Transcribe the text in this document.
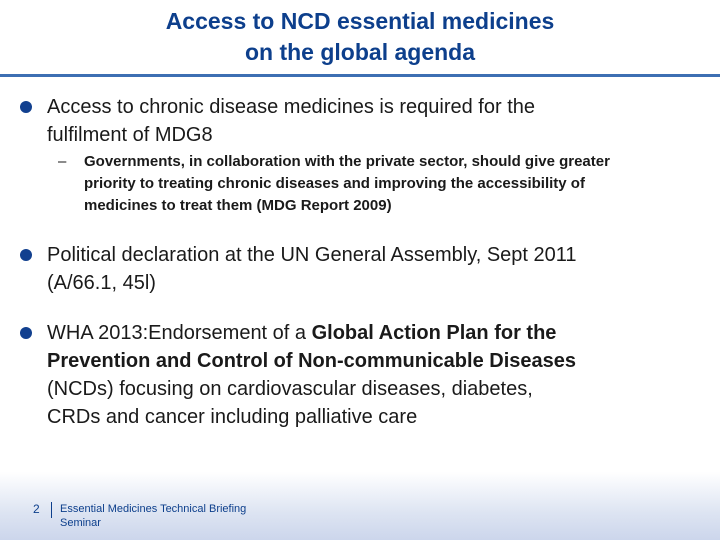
Access to NCD essential medicines
on the global agenda
Access to chronic disease medicines is required for the
fulfilment of MDG8
– Governments, in collaboration with the private sector, should give greater
priority to treating chronic diseases and improving the accessibility of
medicines to treat them (MDG Report 2009)
Political declaration at the UN General Assembly, Sept 2011
(A/66.1, 45l)
WHA 2013:Endorsement of a Global Action Plan for the
Prevention and Control of Non-communicable Diseases
(NCDs) focusing on cardiovascular diseases, diabetes,
CRDs and cancer including palliative care
2 Essential Medicines Technical Briefing
Seminar
